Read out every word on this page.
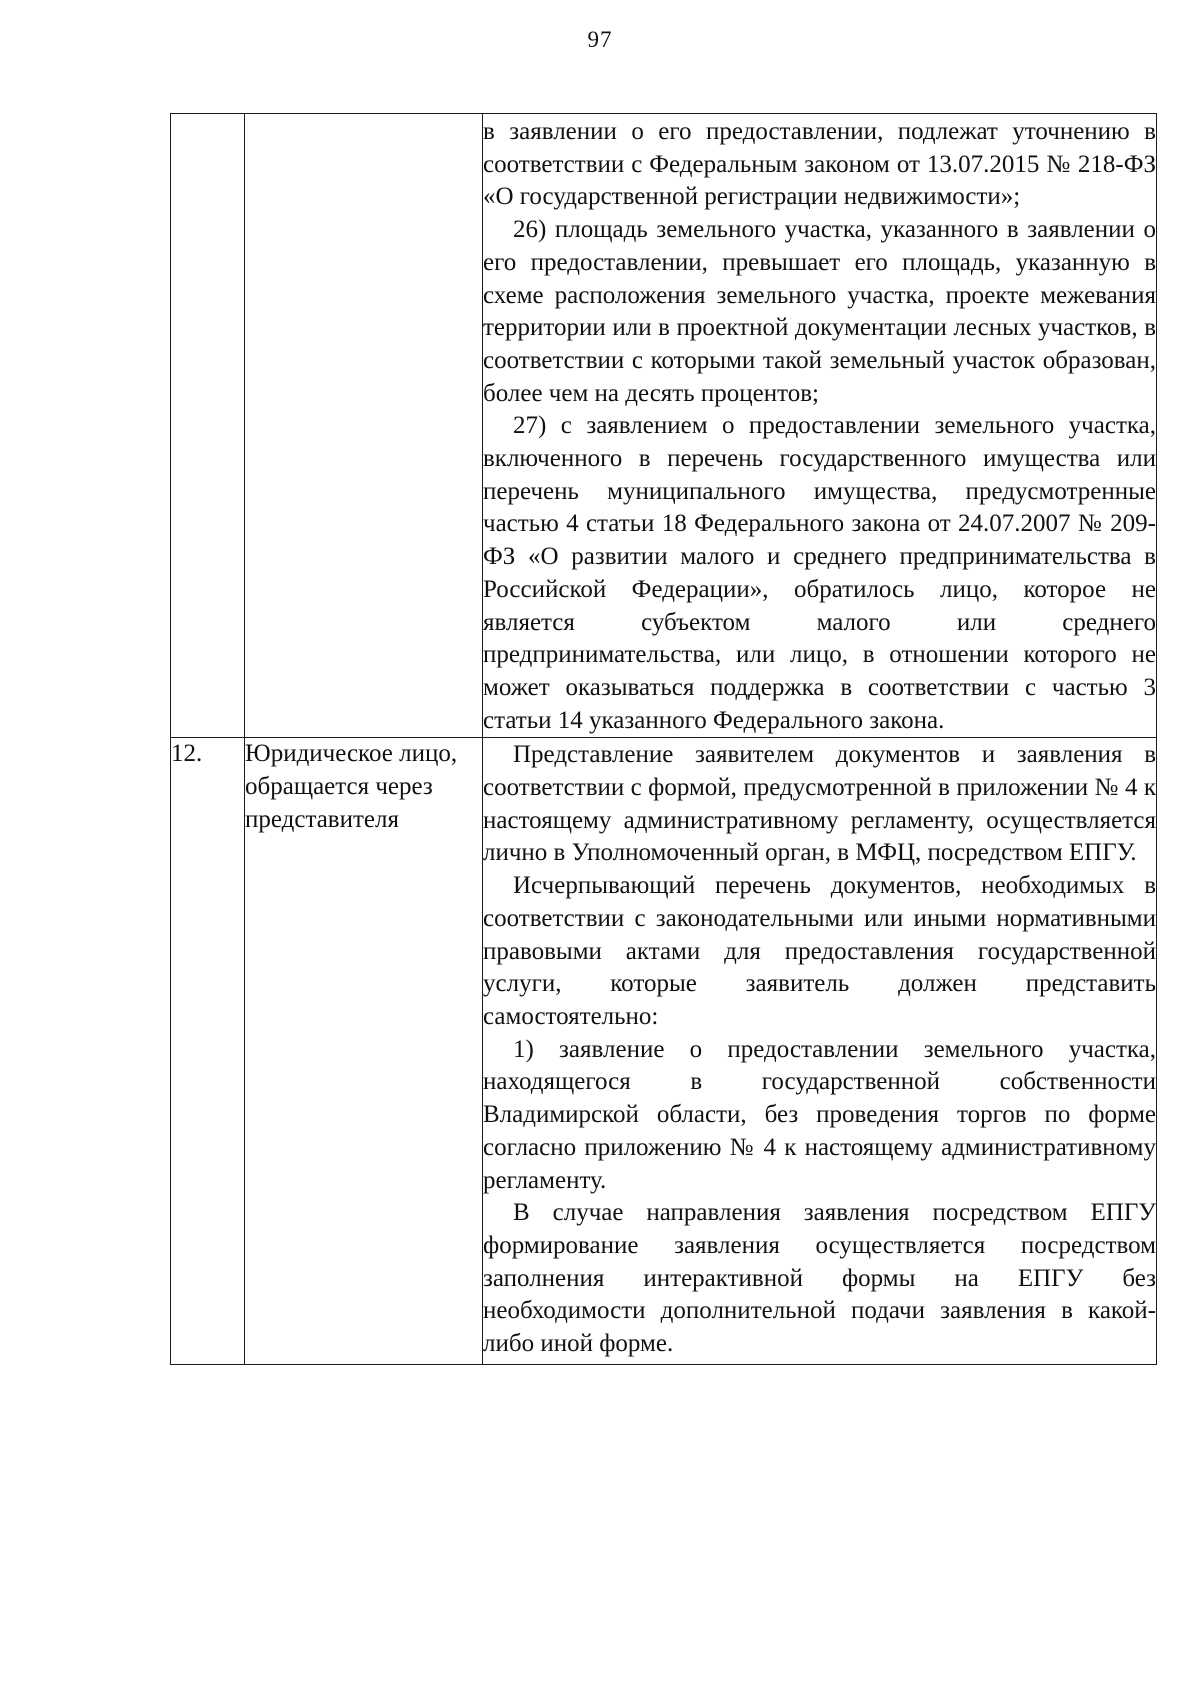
97

		в заявлении о его предоставлении, подлежат уточнению в соответствии с Федеральным законом от 13.07.2015 № 218-ФЗ «О государственной регистрации недвижимости»;

26) площадь земельного участка, указанного в заявлении о его предоставлении, превышает его площадь, указанную в схеме расположения земельного участка, проекте межевания территории или в проектной документации лесных участков, в соответствии с которыми такой земельный участок образован, более чем на десять процентов;

27) с заявлением о предоставлении земельного участка, включенного в перечень государственного имущества или перечень муниципального имущества, предусмотренные частью 4 статьи 18 Федерального закона от 24.07.2007 № 209-ФЗ «О развитии малого и среднего предпринимательства в Российской Федерации», обратилось лицо, которое не является субъектом малого или среднего предпринимательства, или лицо, в отношении которого не может оказываться поддержка в соответствии с частью 3 статьи 14 указанного Федерального закона.

12.	Юридическое лицо, обращается через представителя	Представление заявителем документов и заявления в соответствии с формой, предусмотренной в приложении № 4 к настоящему административному регламенту, осуществляется лично в Уполномоченный орган, в МФЦ, посредством ЕПГУ.

Исчерпывающий перечень документов, необходимых в соответствии с законодательными или иными нормативными правовыми актами для предоставления государственной услуги, которые заявитель должен представить самостоятельно:

1) заявление о предоставлении земельного участка, находящегося в государственной собственности Владимирской области, без проведения торгов по форме согласно приложению № 4 к настоящему административному регламенту.

В случае направления заявления посредством ЕПГУ формирование заявления осуществляется посредством заполнения интерактивной формы на ЕПГУ без необходимости дополнительной подачи заявления в какой-либо иной форме.
